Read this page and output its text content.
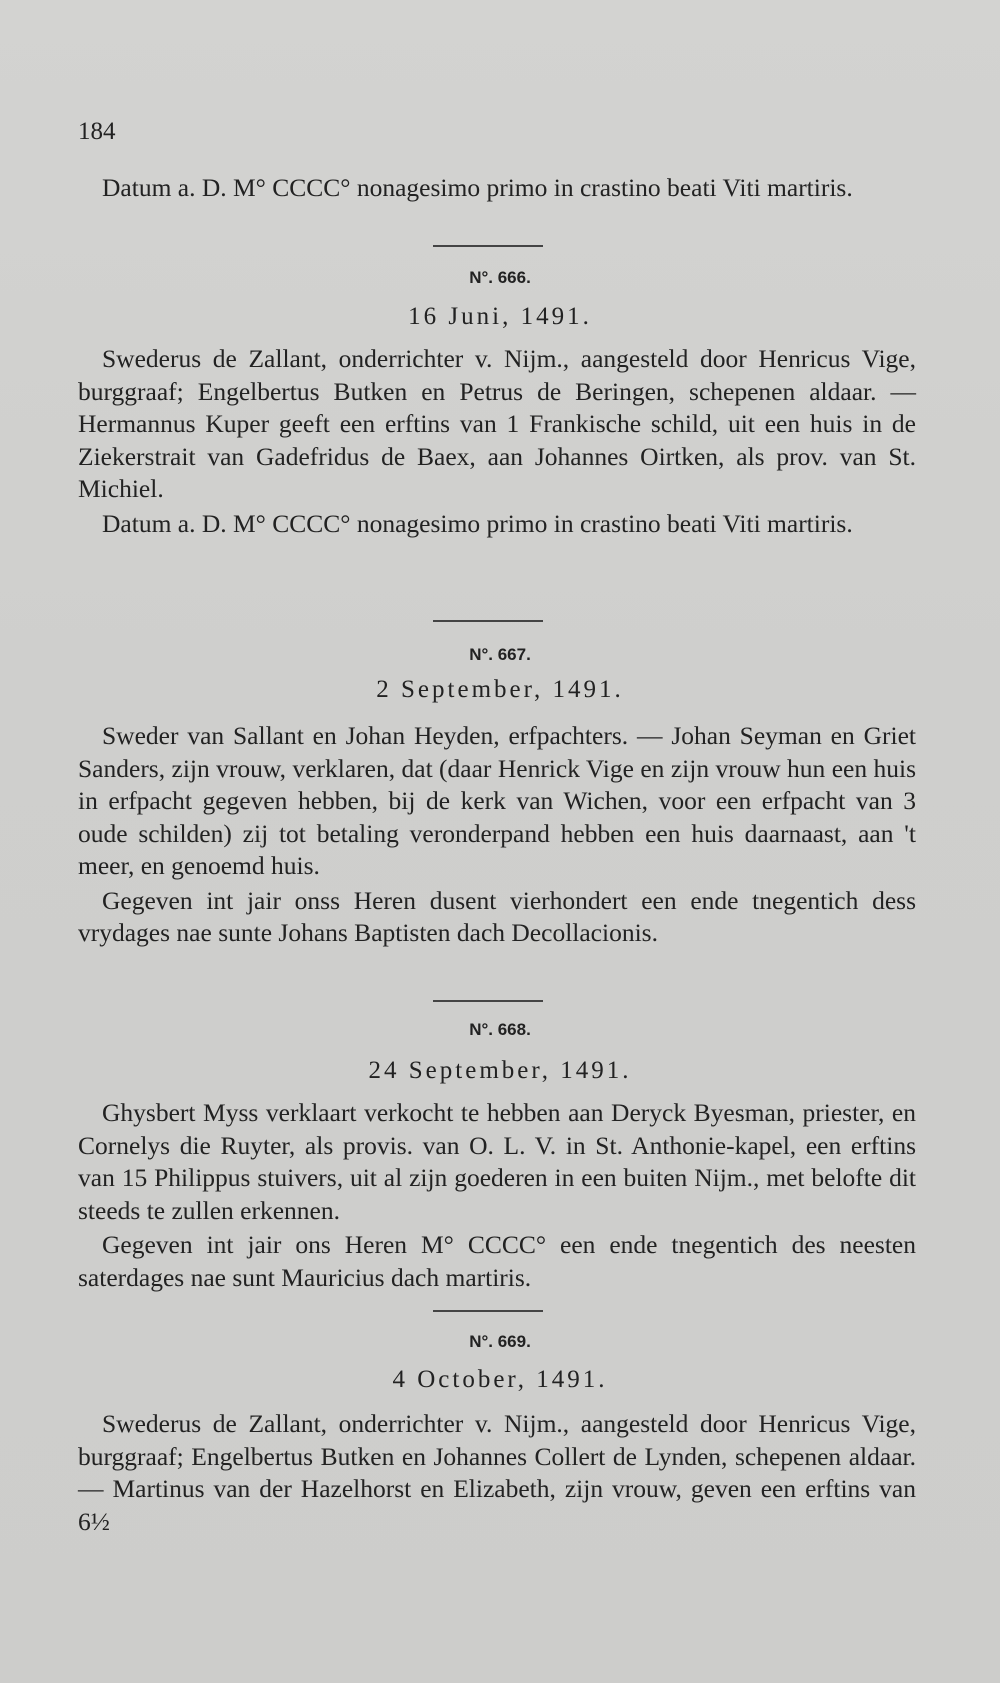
184

Datum a. D. M° CCCC° nonagesimo primo in crastino beati Viti martiris.

N°. 666.
16 Juni, 1491.

Swederus de Zallant, onderrichter v. Nijm., aangesteld door Henricus Vige, burggraaf; Engelbertus Butken en Petrus de Beringen, schepenen aldaar. — Hermannus Kuper geeft een erftins van 1 Frankische schild, uit een huis in de Ziekerstrait van Gadefridus de Baex, aan Johannes Oirtken, als prov. van St. Michiel.

Datum a. D. M° CCCC° nonagesimo primo in crastino beati Viti martiris.

N°. 667.
2 September, 1491.

Sweder van Sallant en Johan Heyden, erfpachters. — Johan Seyman en Griet Sanders, zijn vrouw, verklaren, dat (daar Henrick Vige en zijn vrouw hun een huis in erfpacht gegeven hebben, bij de kerk van Wichen, voor een erfpacht van 3 oude schilden) zij tot betaling veronderpand hebben een huis daarnaast, aan 't meer, en genoemd huis.

Gegeven int jair onss Heren dusent vierhondert een ende tnegentich dess vrydages nae sunte Johans Baptisten dach Decollacionis.

N°. 668.
24 September, 1491.

Ghysbert Myss verklaart verkocht te hebben aan Deryck Byesman, priester, en Cornelys die Ruyter, als provis. van O. L. V. in St. Anthonie-kapel, een erftins van 15 Philippus stuivers, uit al zijn goederen in een buiten Nijm., met belofte dit steeds te zullen erkennen.

Gegeven int jair ons Heren M° CCCC° een ende tnegentich des neesten saterdages nae sunt Mauricius dach martiris.

N°. 669.
4 October, 1491.

Swederus de Zallant, onderrichter v. Nijm., aangesteld door Henricus Vige, burggraaf; Engelbertus Butken en Johannes Collert de Lynden, schepenen aldaar. — Martinus van der Hazelhorst en Elizabeth, zijn vrouw, geven een erftins van 6½
